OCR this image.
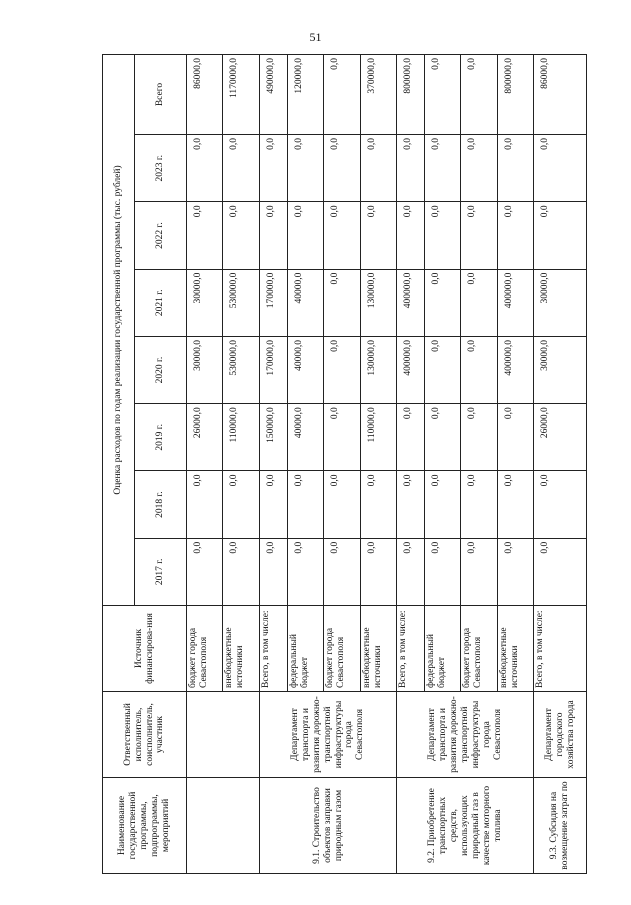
51
Наименование государственной программы, подпрограммы, мероприятий	Ответственный исполнитель, соисполнитель, участник	Источник финансирова-ния	Оценка расходов по годам реализации государственной программы (тыс. рублей)							
			2017 г.	2018 г.	2019 г.	2020 г.	2021 г.	2022 г.	2023 г.	Всего
		бюджет города Севастополя	0,0	0,0	26000,0	30000,0	30000,0	0,0	0,0	86000,0
		внебюджетные источники	0,0	0,0	110000,0	530000,0	530000,0	0,0	0,0	1170000,0
9.1. Строительство объектов заправки природным газом	Департамент транспорта и развития дорожно-транспортной инфраструктуры города Севастополя	Всего, в том числе:	0,0	0,0	150000,0	170000,0	170000,0	0,0	0,0	490000,0
		федеральный бюджет	0,0	0,0	40000,0	40000,0	40000,0	0,0	0,0	120000,0
		бюджет города Севастополя	0,0	0,0	0,0	0,0	0,0	0,0	0,0	0,0
		внебюджетные источники	0,0	0,0	110000,0	130000,0	130000,0	0,0	0,0	370000,0
9.2. Приобретение транспортных средств, использующих природный газ в качестве моторного топлива	Департамент транспорта и развития дорожно-транспортной инфраструктуры города Севастополя	Всего, в том числе:	0,0	0,0	0,0	400000,0	400000,0	0,0	0,0	800000,0
		федеральный бюджет	0,0	0,0	0,0	0,0	0,0	0,0	0,0	0,0
		бюджет города Севастополя	0,0	0,0	0,0	0,0	0,0	0,0	0,0	0,0
		внебюджетные источники	0,0	0,0	0,0	400000,0	400000,0	0,0	0,0	800000,0
9.3. Субсидия на возмещение затрат по	Департамент городского хозяйства города	Всего, в том числе:	0,0	0,0	26000,0	30000,0	30000,0	0,0	0,0	86000,0
